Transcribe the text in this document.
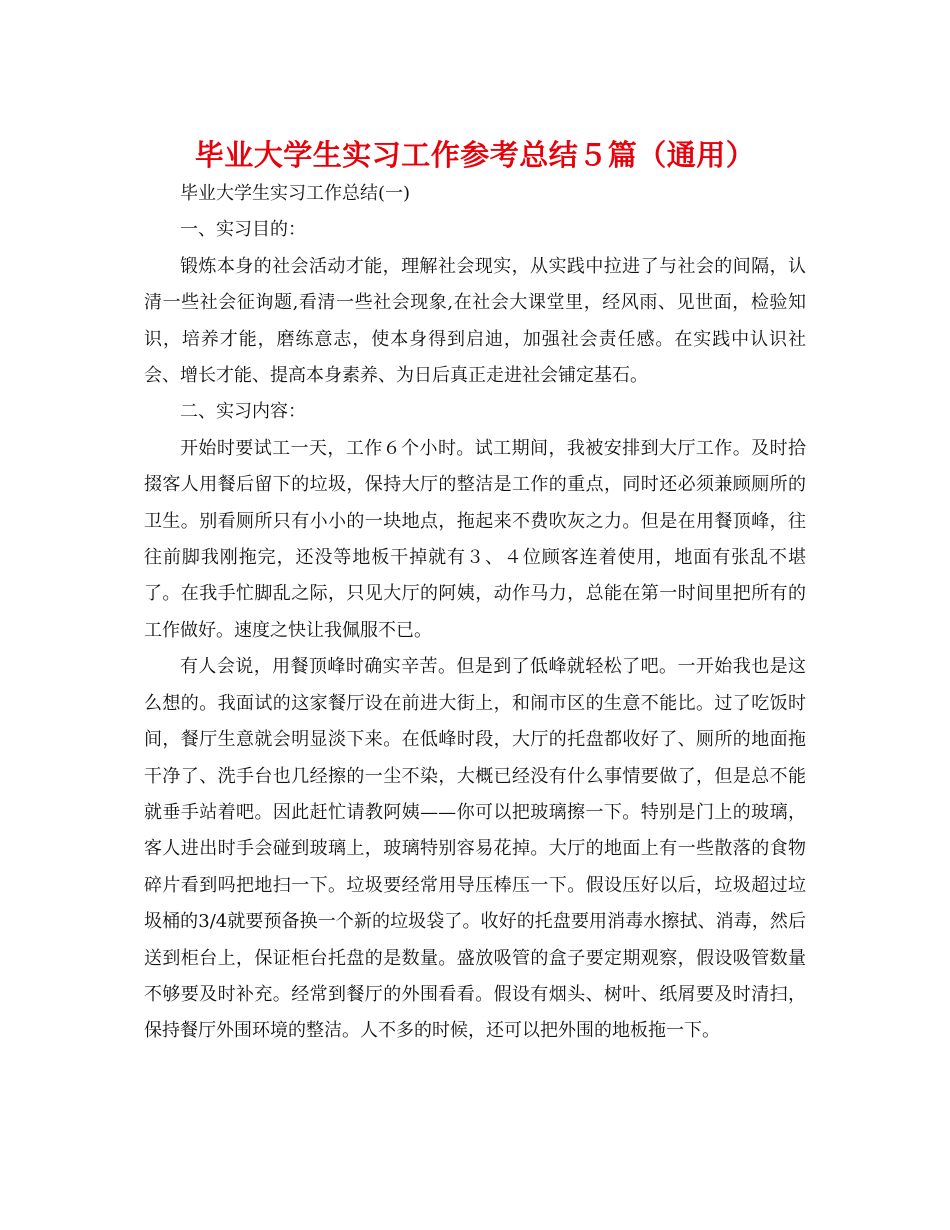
毕业大学生实习工作参考总结５篇（通用）

毕业大学生实习工作总结(一)

一、实习目的：

锻炼本身的社会活动才能，理解社会现实，从实践中拉进了与社会的间隔，认清一些社会征询题,看清一些社会现象,在社会大课堂里，经风雨、见世面，检验知识，培养才能，磨练意志，使本身得到启迪，加强社会责任感。在实践中认识社会、增长才能、提高本身素养、为日后真正走进社会铺定基石。

二、实习内容：

开始时要试工一天，工作６个小时。试工期间，我被安排到大厅工作。及时拾掇客人用餐后留下的垃圾，保持大厅的整洁是工作的重点，同时还必须兼顾厕所的卫生。别看厕所只有小小的一块地点，拖起来不费吹灰之力。但是在用餐顶峰，往往前脚我刚拖完，还没等地板干掉就有３、４位顾客连着使用，地面有张乱不堪了。在我手忙脚乱之际，只见大厅的阿姨，动作马力，总能在第一时间里把所有的工作做好。速度之快让我佩服不已。

有人会说，用餐顶峰时确实辛苦。但是到了低峰就轻松了吧。一开始我也是这么想的。我面试的这家餐厅设在前进大街上，和闹市区的生意不能比。过了吃饭时间，餐厅生意就会明显淡下来。在低峰时段，大厅的托盘都收好了、厕所的地面拖干净了、洗手台也几经擦的一尘不染，大概已经没有什么事情要做了，但是总不能就垂手站着吧。因此赶忙请教阿姨——你可以把玻璃擦一下。特别是门上的玻璃，客人进出时手会碰到玻璃上，玻璃特别容易花掉。大厅的地面上有一些散落的食物碎片看到吗把地扫一下。垃圾要经常用导压棒压一下。假设压好以后，垃圾超过垃圾桶的3/4就要预备换一个新的垃圾袋了。收好的托盘要用消毒水擦拭、消毒，然后送到柜台上，保证柜台托盘的是数量。盛放吸管的盒子要定期观察，假设吸管数量不够要及时补充。经常到餐厅的外围看看。假设有烟头、树叶、纸屑要及时清扫，保持餐厅外围环境的整洁。人不多的时候，还可以把外围的地板拖一下。
